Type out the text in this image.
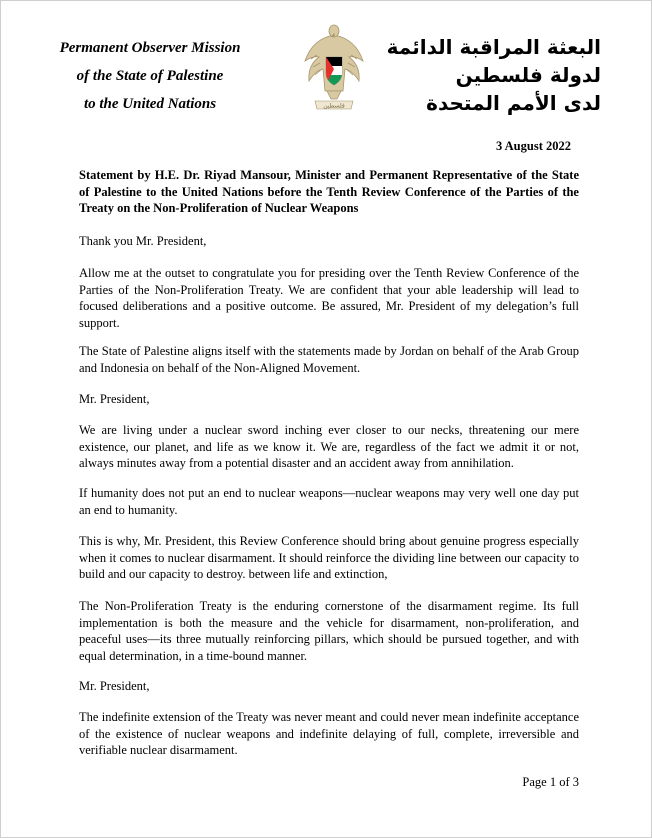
Permanent Observer Mission
of the State of Palestine
to the United Nations	فلسطين
البعثة المراقبة الدائمة
لدولة فلسطين
لدى الأمم المتحدة
3 August 2022
Statement by H.E. Dr. Riyad Mansour, Minister and Permanent Representative of the State of Palestine to the United Nations before the Tenth Review Conference of the Parties of the Treaty on the Non-Proliferation of Nuclear Weapons

Thank you Mr. President,

Allow me at the outset to congratulate you for presiding over the Tenth Review Conference of the Parties of the Non-Proliferation Treaty. We are confident that your able leadership will lead to focused deliberations and a positive outcome. Be assured, Mr. President of my delegation’s full support.

The State of Palestine aligns itself with the statements made by Jordan on behalf of the Arab Group and Indonesia on behalf of the Non-Aligned Movement.

Mr. President,

We are living under a nuclear sword inching ever closer to our necks, threatening our mere existence, our planet, and life as we know it. We are, regardless of the fact we admit it or not, always minutes away from a potential disaster and an accident away from annihilation.

If humanity does not put an end to nuclear weapons—nuclear weapons may very well one day put an end to humanity.

This is why, Mr. President, this Review Conference should bring about genuine progress especially when it comes to nuclear disarmament. It should reinforce the dividing line between our capacity to build and our capacity to destroy. between life and extinction,

The Non-Proliferation Treaty is the enduring cornerstone of the disarmament regime. Its full implementation is both the measure and the vehicle for disarmament, non-proliferation, and peaceful uses—its three mutually reinforcing pillars, which should be pursued together, and with equal determination, in a time-bound manner.

Mr. President,

The indefinite extension of the Treaty was never meant and could never mean indefinite acceptance of the existence of nuclear weapons and indefinite delaying of full, complete, irreversible and verifiable nuclear disarmament.

Page 1 of 3
